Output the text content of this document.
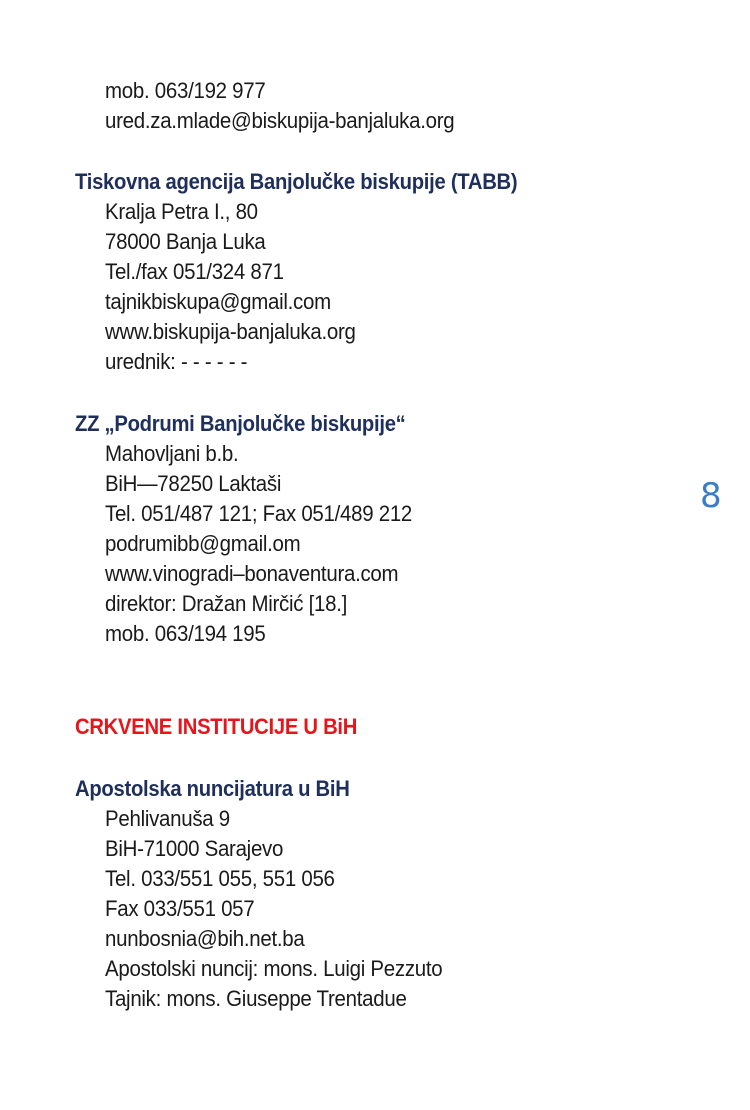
mob. 063/192 977
ured.za.mlade@biskupija-banjaluka.org
Tiskovna agencija Banjolučke biskupije (TABB)
Kralja Petra I., 80
78000 Banja Luka
Tel./fax 051/324 871
tajnikbiskupa@gmail.com
www.biskupija-banjaluka.org
urednik: - - - - - -
ZZ „Podrumi Banjolučke biskupije“
Mahovljani b.b.
BiH—78250 Laktaši
Tel. 051/487 121; Fax 051/489 212
podrumibb@gmail.om
www.vinogradi–bonaventura.com
direktor: Dražan Mirčić [18.]
mob. 063/194 195
8
CRKVENE INSTITUCIJE U BiH
Apostolska nuncijatura u BiH
Pehlivanuša 9
BiH-71000 Sarajevo
Tel. 033/551 055, 551 056
Fax 033/551 057
nunbosnia@bih.net.ba
Apostolski nuncij: mons. Luigi Pezzuto
Tajnik: mons. Giuseppe Trentadue
